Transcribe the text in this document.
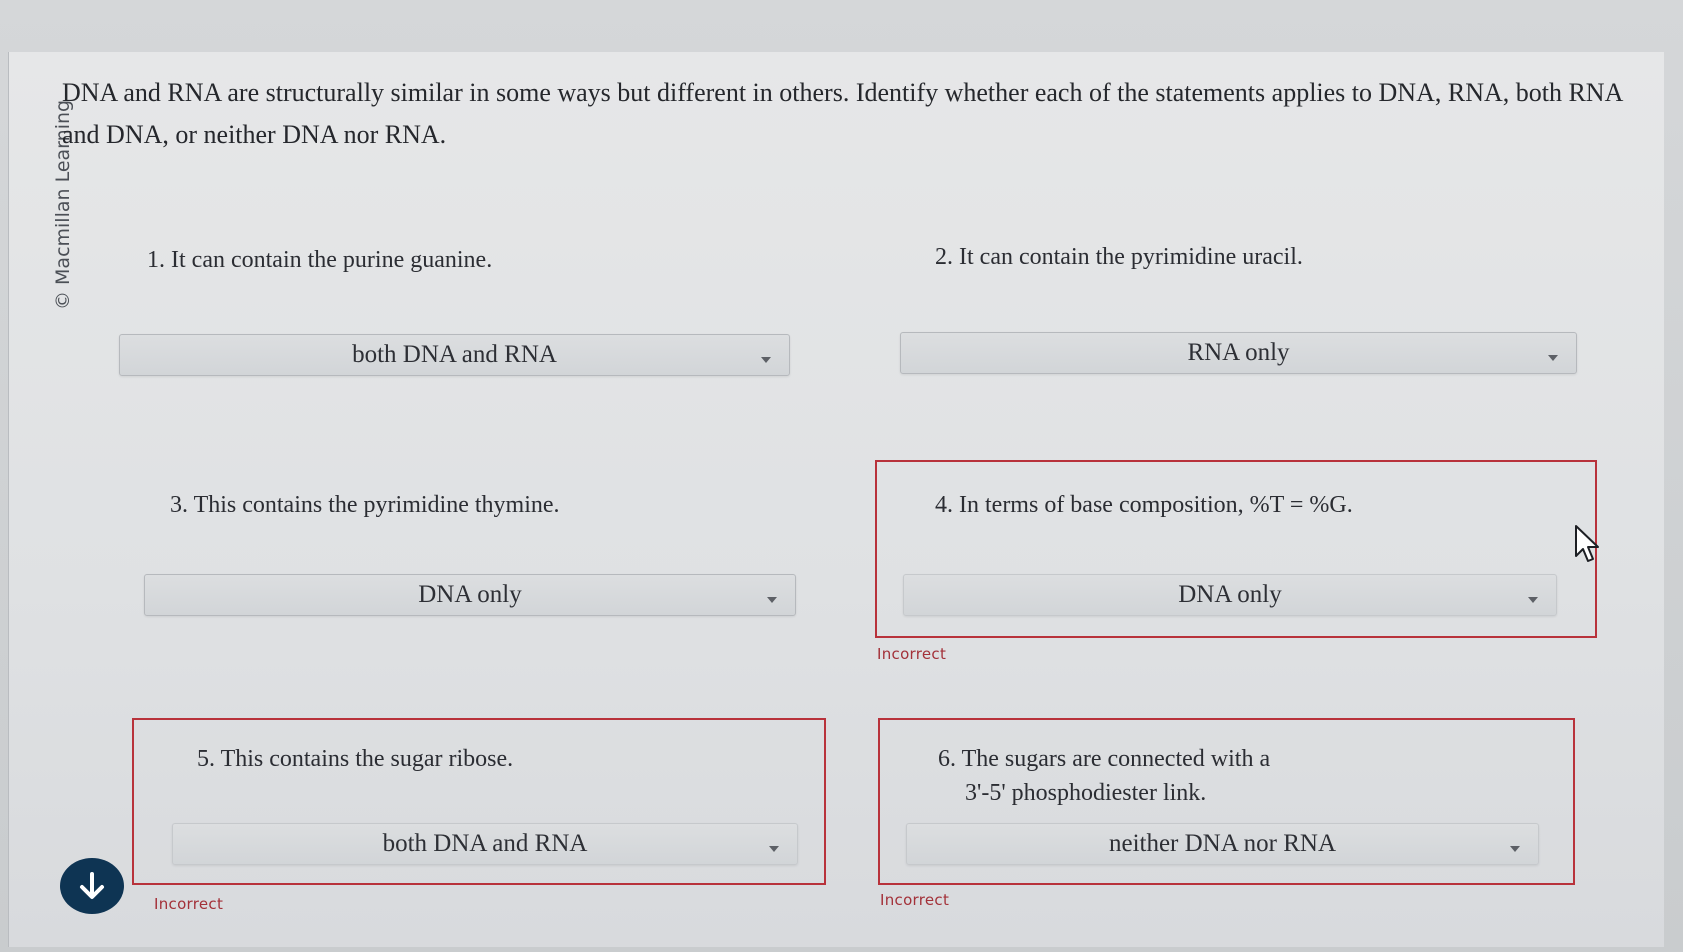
© Macmillan Learning
DNA and RNA are structurally similar in some ways but different in others. Identify whether each of the statements applies to DNA, RNA, both RNA and DNA, or neither DNA nor RNA.
1. It can contain the purine guanine.
both DNA and RNA
2. It can contain the pyrimidine uracil.
RNA only
3. This contains the pyrimidine thymine.
DNA only
4. In terms of base composition, %T = %G.
DNA only
Incorrect
5. This contains the sugar ribose.
both DNA and RNA
Incorrect
6. The sugars are connected with a
3'-5' phosphodiester link.
neither DNA nor RNA
Incorrect
